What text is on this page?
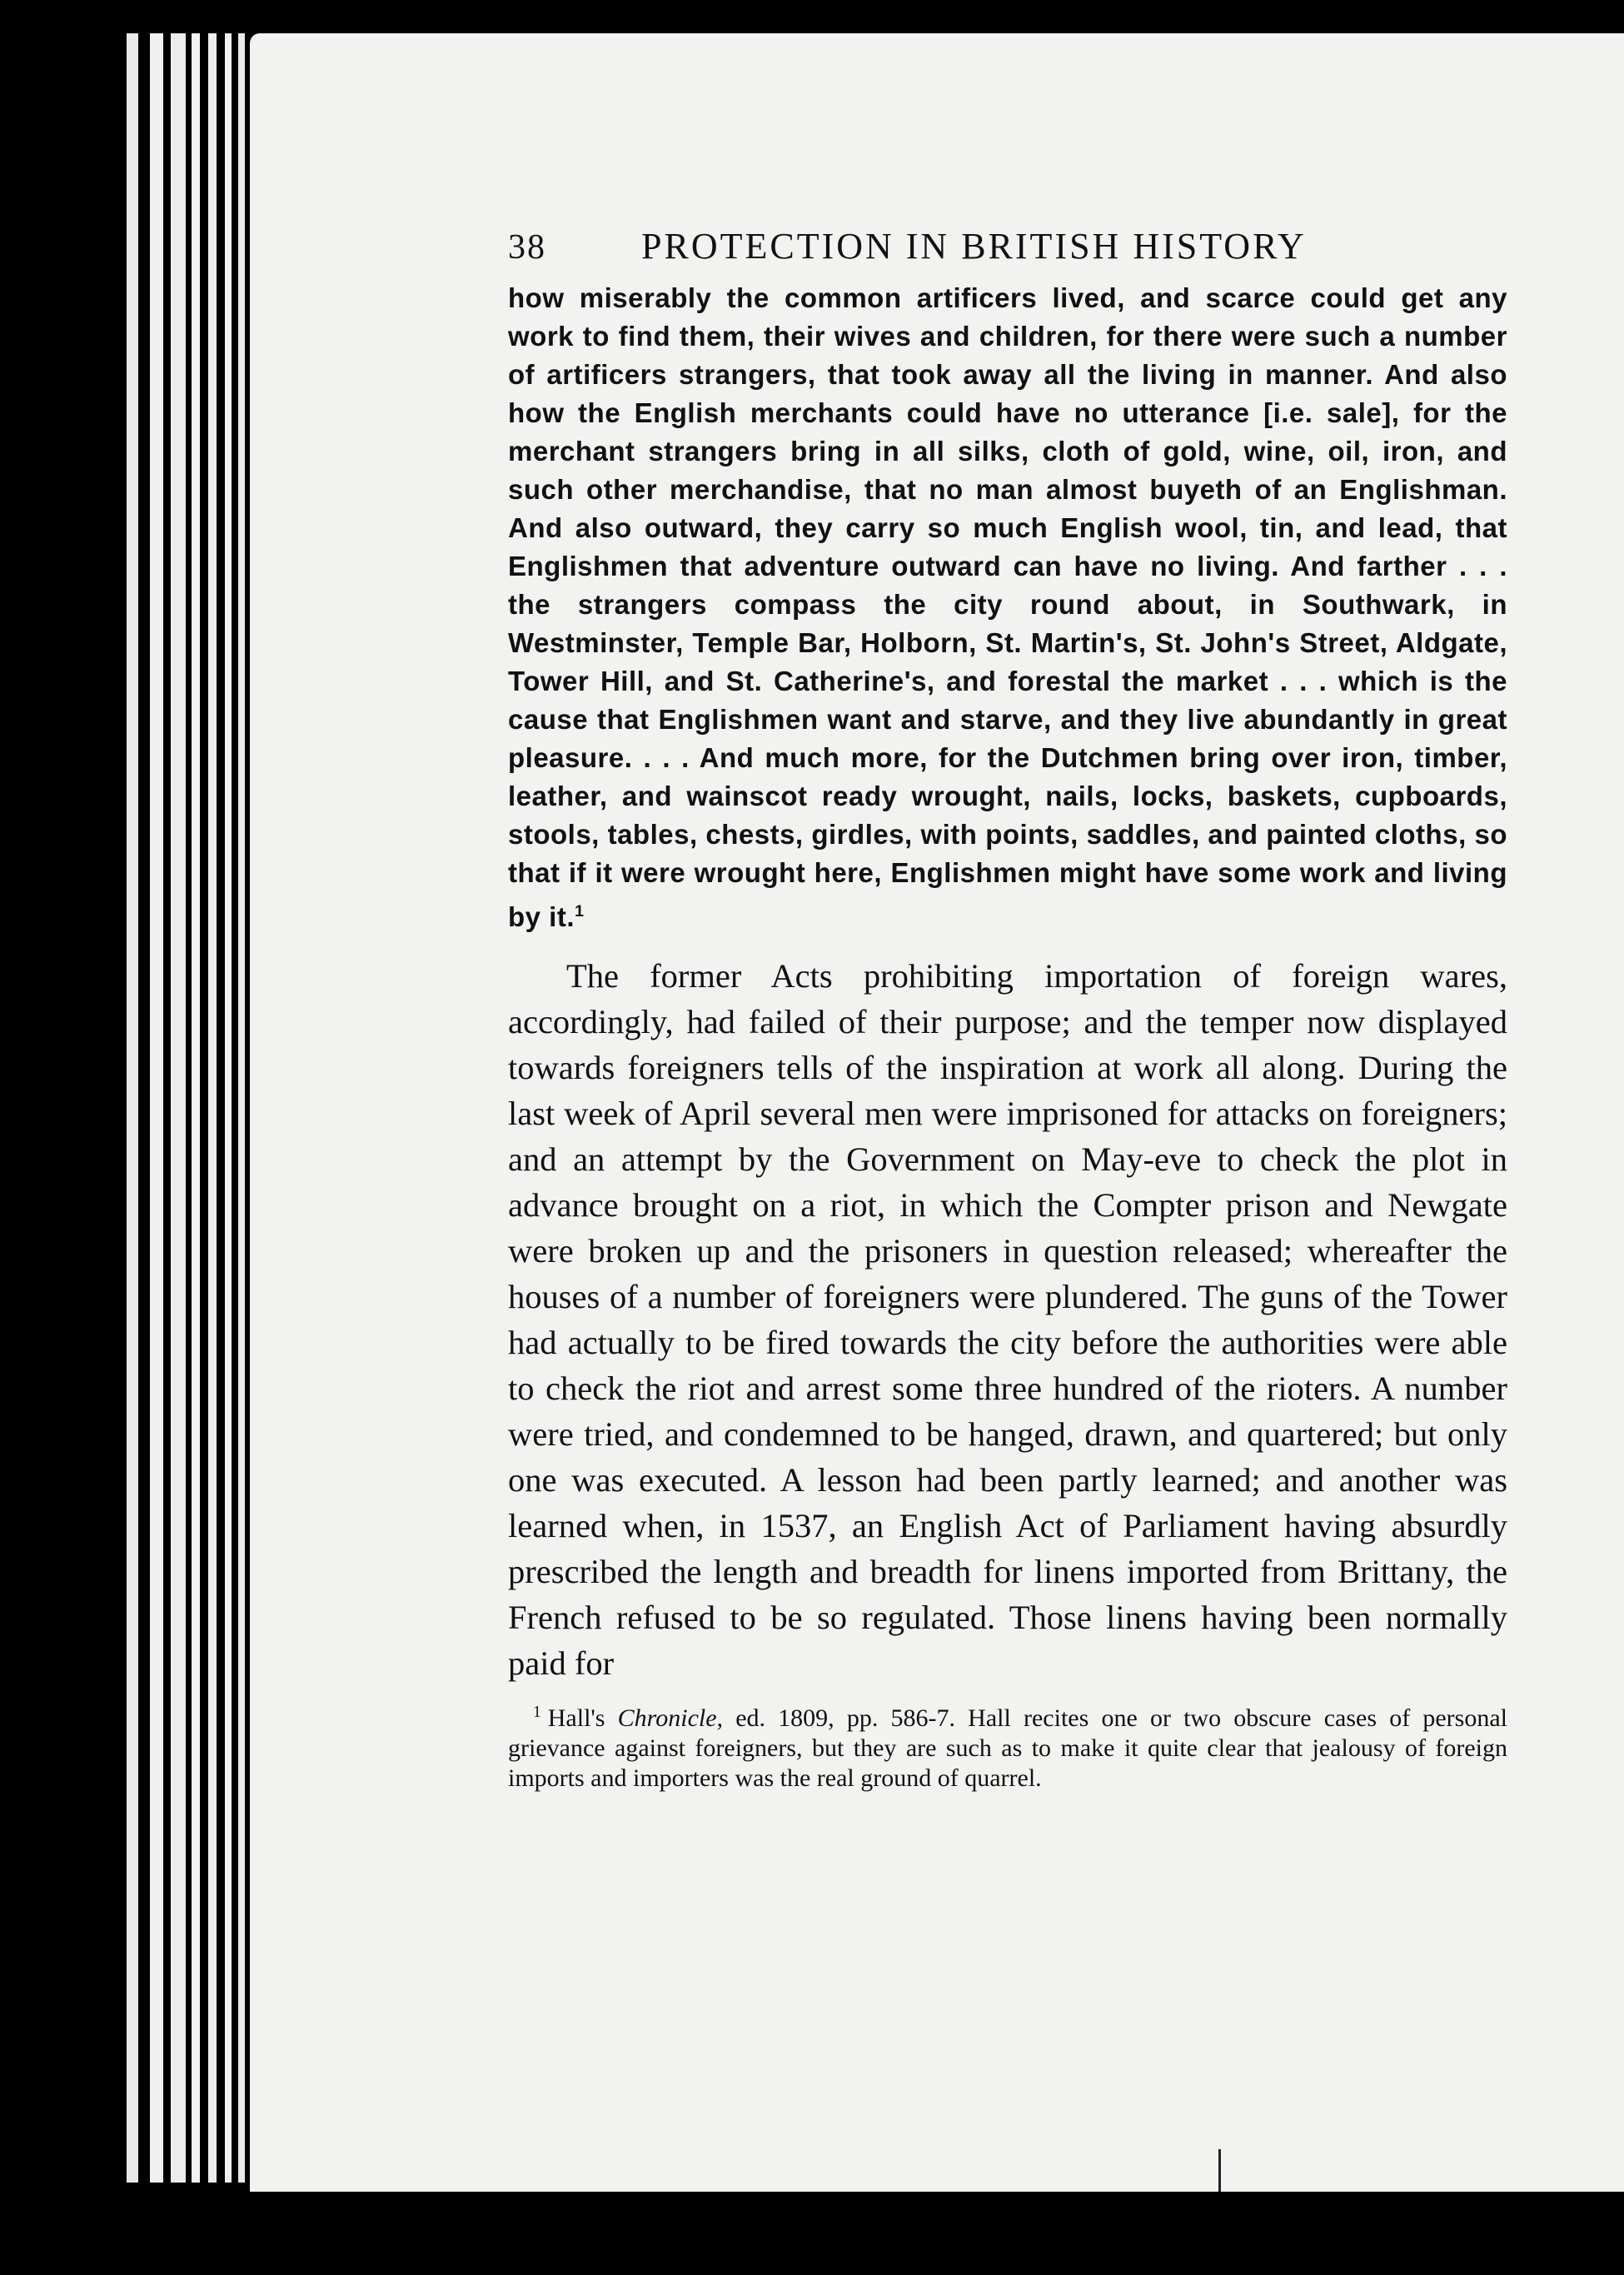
38	PROTECTION IN BRITISH HISTORY

how miserably the common artificers lived, and scarce could get any work to find them, their wives and children, for there were such a number of artificers strangers, that took away all the living in manner. And also how the English merchants could have no utterance [i.e. sale], for the merchant strangers bring in all silks, cloth of gold, wine, oil, iron, and such other merchandise, that no man almost buyeth of an Englishman. And also outward, they carry so much English wool, tin, and lead, that Englishmen that adventure outward can have no living. And farther . . . the strangers compass the city round about, in Southwark, in Westminster, Temple Bar, Holborn, St. Martin's, St. John's Street, Aldgate, Tower Hill, and St. Catherine's, and forestal the market . . . which is the cause that Englishmen want and starve, and they live abundantly in great pleasure. . . . And much more, for the Dutchmen bring over iron, timber, leather, and wainscot ready wrought, nails, locks, baskets, cupboards, stools, tables, chests, girdles, with points, saddles, and painted cloths, so that if it were wrought here, Englishmen might have some work and living by it.$^1$

The former Acts prohibiting importation of foreign wares, accordingly, had failed of their purpose; and the temper now displayed towards foreigners tells of the inspiration at work all along. During the last week of April several men were imprisoned for attacks on foreigners; and an attempt by the Government on May-eve to check the plot in advance brought on a riot, in which the Compter prison and Newgate were broken up and the prisoners in question released; whereafter the houses of a number of foreigners were plundered. The guns of the Tower had actually to be fired towards the city before the authorities were able to check the riot and arrest some three hundred of the rioters. A number were tried, and condemned to be hanged, drawn, and quartered; but only one was executed. A lesson had been partly learned; and another was learned when, in 1537, an English Act of Parliament having absurdly prescribed the length and breadth for linens imported from Brittany, the French refused to be so regulated. Those linens having been normally paid for

$^1$ Hall's Chronicle, ed. 1809, pp. 586-7. Hall recites one or two obscure cases of personal grievance against foreigners, but they are such as to make it quite clear that jealousy of foreign imports and importers was the real ground of quarrel.
